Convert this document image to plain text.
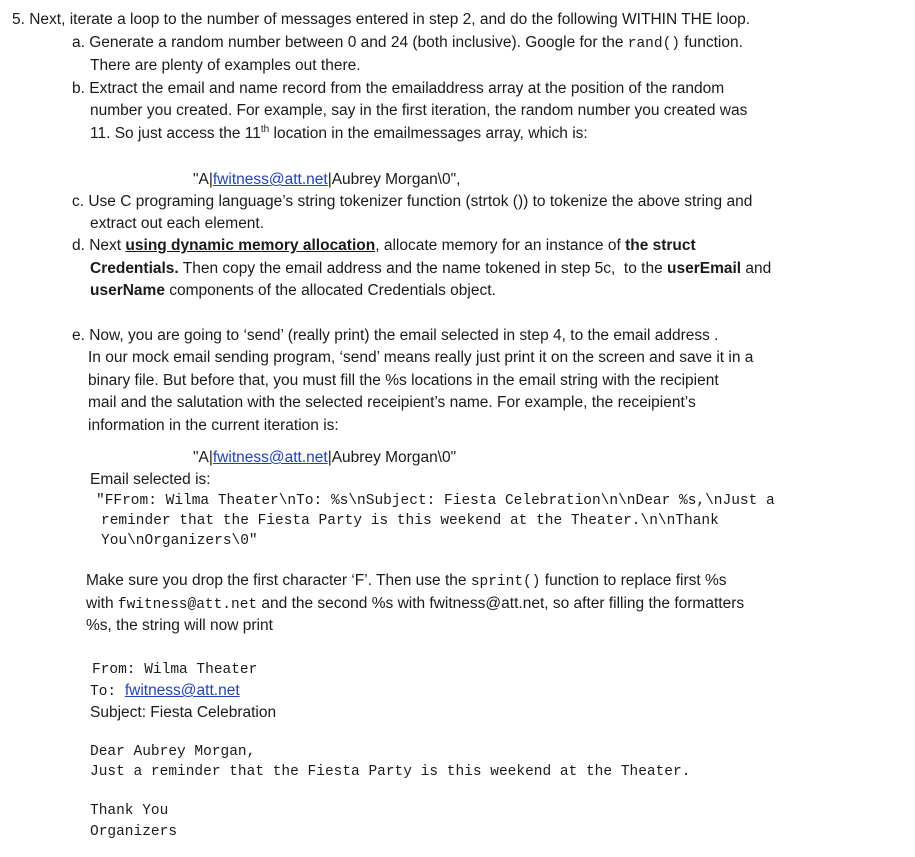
5. Next, iterate a loop to the number of messages entered in step 2, and do the following WITHIN THE loop.
a. Generate a random number between 0 and 24 (both inclusive). Google for the rand() function.
There are plenty of examples out there.
b. Extract the email and name record from the emailaddress array at the position of the random
number you created. For example, say in the first iteration, the random number you created was
11. So just access the 11th location in the emailmessages array, which is:
"A|fwitness@att.net|Aubrey Morgan\0",
c. Use C programing language’s string tokenizer function (strtok ()) to tokenize the above string and
extract out each element.
d. Next using dynamic memory allocation, allocate memory for an instance of the struct
Credentials. Then copy the email address and the name tokened in step 5c,  to the userEmail and
userName components of the allocated Credentials object.
e. Now, you are going to ‘send’ (really print) the email selected in step 4, to the email address .
In our mock email sending program, ‘send’ means really just print it on the screen and save it in a
binary file. But before that, you must fill the %s locations in the email string with the recipient
mail and the salutation with the selected receipient’s name. For example, the receipient’s
information in the current iteration is:
"A|fwitness@att.net|Aubrey Morgan\0"
Email selected is:
"FFrom: Wilma Theater\nTo: %s\nSubject: Fiesta Celebration\n\nDear %s,\nJust a
reminder that the Fiesta Party is this weekend at the Theater.\n\nThank
You\nOrganizers\0"
Make sure you drop the first character ‘F’. Then use the sprint() function to replace first %s
with fwitness@att.net and the second %s with fwitness@att.net, so after filling the formatters
%s, the string will now print
From: Wilma Theater
To: fwitness@att.net
Subject: Fiesta Celebration
Dear Aubrey Morgan,
Just a reminder that the Fiesta Party is this weekend at the Theater.
Thank You
Organizers
